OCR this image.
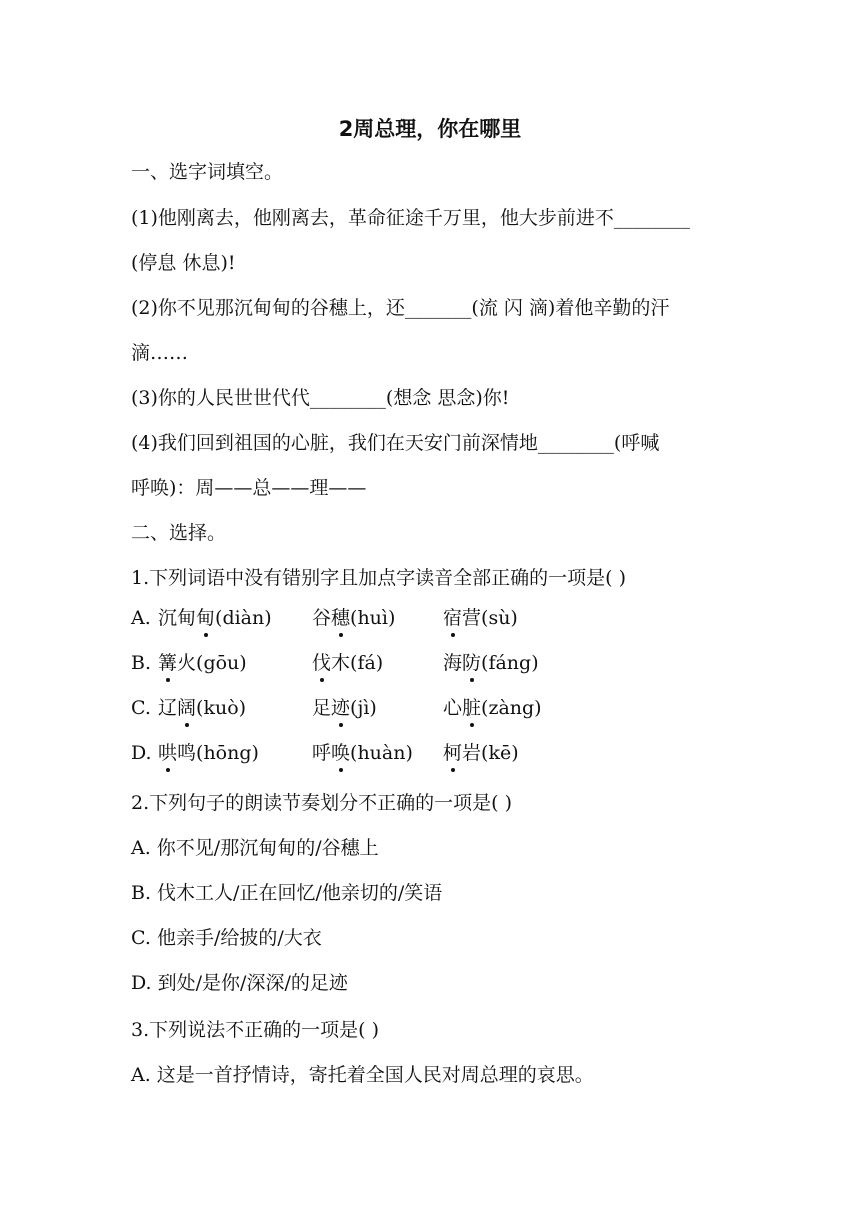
2周总理，你在哪里
一、选字词填空。
(1)他刚离去，他刚离去，革命征途千万里，他大步前进不________
(停息 休息)!
(2)你不见那沉甸甸的谷穗上，还_______(流 闪 滴)着他辛勤的汗
滴……
(3)你的人民世世代代________(想念 思念)你!
(4)我们回到祖国的心脏，我们在天安门前深情地________(呼喊
呼唤)：周——总——理——
二、选择。
1.下列词语中没有错别字且加点字读音全部正确的一项是( )
A. 沉甸甸(diàn) 谷穗(huì)	宿营(sù)
B. 篝火(gōu)	伐木(fá)	海防(fáng)
C. 辽阔(kuò)	足迹(jì)	心脏(zàng)
D. 哄鸣(hōng)	呼唤(huàn) 柯岩(kē)
2.下列句子的朗读节奏划分不正确的一项是( )
A. 你不见/那沉甸甸的/谷穗上
B. 伐木工人/正在回忆/他亲切的/笑语
C. 他亲手/给披的/大衣
D. 到处/是你/深深/的足迹
3.下列说法不正确的一项是( )
A. 这是一首抒情诗，寄托着全国人民对周总理的哀思。
